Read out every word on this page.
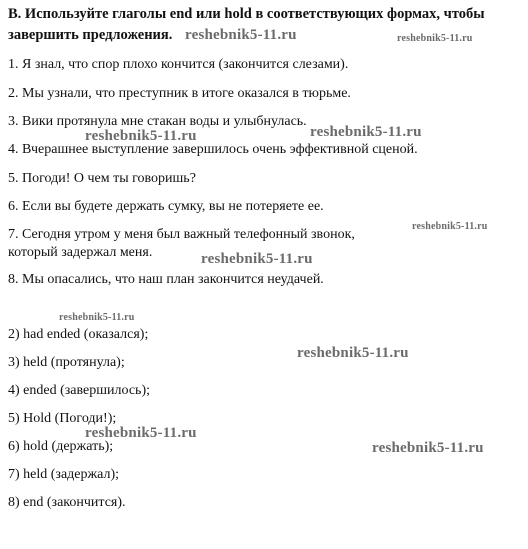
В. Используйте глаголы end или hold в соответствующих формах, чтобы
завершить предложения.
1. Я знал, что спор плохо кончится (закончится слезами).
2. Мы узнали, что преступник в итоге оказался в тюрьме.
3. Вики протянула мне стакан воды и улыбнулась.
4. Вчерашнее выступление завершилось очень эффективной сценой.
5. Погоди! О чем ты говоришь?
6. Если вы будете держать сумку, вы не потеряете ее.
7. Сегодня утром у меня был важный телефонный звонок,
который задержал меня.
8. Мы опасались, что наш план закончится неудачей.
2) had ended (оказался);
3) held (протянула);
4) ended (завершилось);
5) Hold (Погоди!);
6) hold (держать);
7) held (задержал);
8) end (закончится).
reshebnik5-11.ru	reshebnik5-11.ru
reshebnik5-11.ru	reshebnik5-11.ru
reshebnik5-11.ru
reshebnik5-11.ru
reshebnik5-11.ru
reshebnik5-11.ru
reshebnik5-11.ru
reshebnik5-11.ru
